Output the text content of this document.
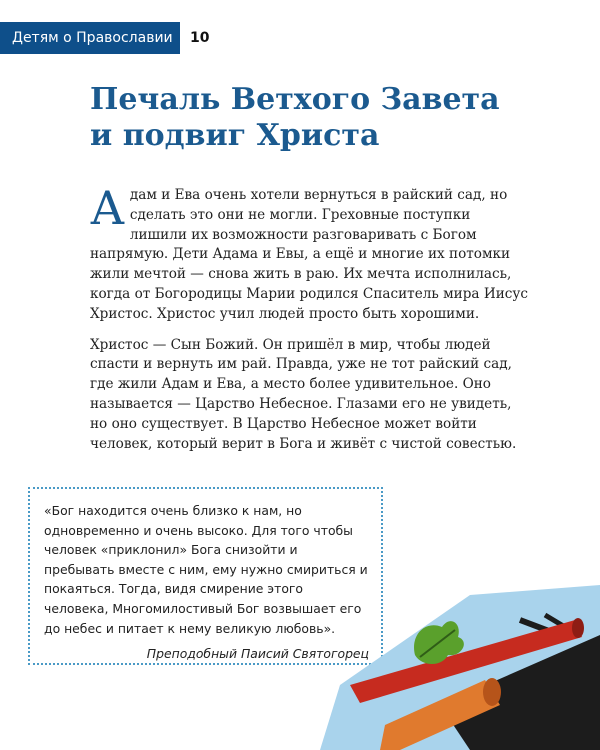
Детям о Православии	10
Печаль Ветхого Завета
и подвиг Христа

Адам и Ева очень хотели вернуться в райский сад, но сделать это они не могли. Греховные поступки лишили их возможности разговаривать с Богом напрямую. Дети Адама и Евы, а ещё и многие их потомки жили мечтой — снова жить в раю. Их мечта исполнилась, когда от Богородицы Марии родился Спаситель мира Иисус Христос. Христос учил людей просто быть хорошими.

Христос — Сын Божий. Он пришёл в мир, чтобы людей спасти и вернуть им рай. Правда, уже не тот райский сад, где жили Адам и Ева, а место более удивительное. Оно называется — Царство Небесное. Глазами его не увидеть, но оно существует. В Царство Небесное может войти человек, который верит в Бога и живёт с чистой совестью.

«Бог находится очень близко к нам, но одновременно и очень высоко. Для того чтобы человек «приклонил» Бога снизойти и пребывать вместе с ним, ему нужно смириться и покаяться. Тогда, видя смирение этого человека, Многомилостивый Бог возвышает его до небес и питает к нему великую любовь».

Преподобный Паисий Святогорец
